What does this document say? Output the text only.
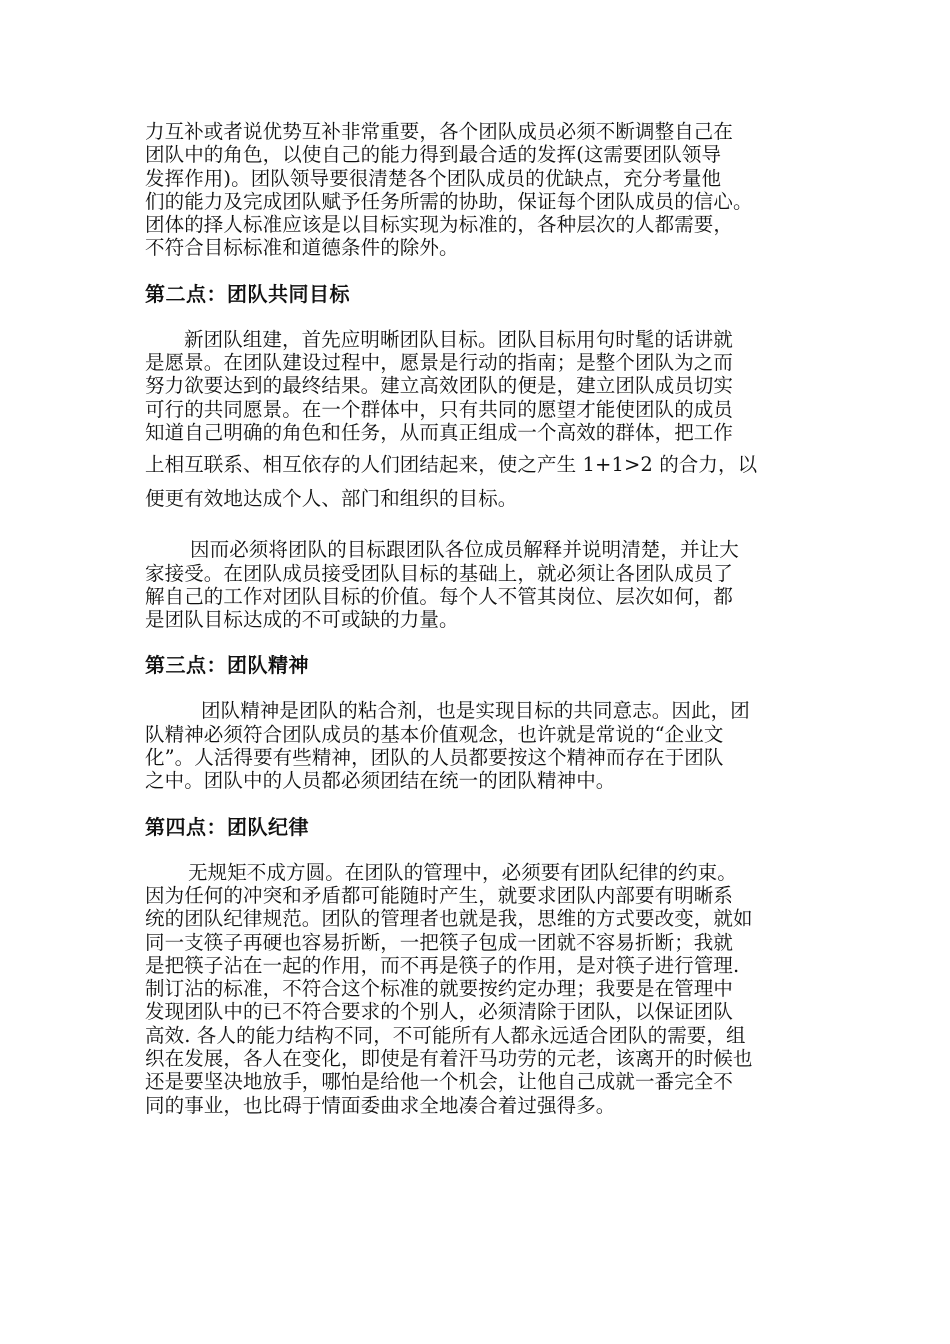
力互补或者说优势互补非常重要，各个团队成员必须不断调整自己在
团队中的角色，以使自己的能力得到最合适的发挥(这需要团队领导
发挥作用)。团队领导要很清楚各个团队成员的优缺点，充分考量他
们的能力及完成团队赋予任务所需的协助，保证每个团队成员的信心。
团体的择人标准应该是以目标实现为标准的，各种层次的人都需要，
不符合目标标准和道德条件的除外。
第二点：团队共同目标
新团队组建，首先应明晰团队目标。团队目标用句时髦的话讲就
是愿景。在团队建设过程中，愿景是行动的指南；是整个团队为之而
努力欲要达到的最终结果。建立高效团队的便是，建立团队成员切实
可行的共同愿景。在一个群体中，只有共同的愿望才能使团队的成员
知道自己明确的角色和任务，从而真正组成一个高效的群体，把工作
上相互联系、相互依存的人们团结起来，使之产生 1+1>2 的合力，以
便更有效地达成个人、部门和组织的目标。
因而必须将团队的目标跟团队各位成员解释并说明清楚，并让大
家接受。在团队成员接受团队目标的基础上，就必须让各团队成员了
解自己的工作对团队目标的价值。每个人不管其岗位、层次如何，都
是团队目标达成的不可或缺的力量。
第三点：团队精神
团队精神是团队的粘合剂，也是实现目标的共同意志。因此，团
队精神必须符合团队成员的基本价值观念，也许就是常说的“企业文
化”。人活得要有些精神，团队的人员都要按这个精神而存在于团队
之中。团队中的人员都必须团结在统一的团队精神中。
第四点：团队纪律
无规矩不成方圆。在团队的管理中，必须要有团队纪律的约束。
因为任何的冲突和矛盾都可能随时产生，就要求团队内部要有明晰系
统的团队纪律规范。团队的管理者也就是我，思维的方式要改变，就如
同一支筷子再硬也容易折断，一把筷子包成一团就不容易折断；我就
是把筷子沾在一起的作用，而不再是筷子的作用，是对筷子进行管理.
制订沾的标准，不符合这个标准的就要按约定办理；我要是在管理中
发现团队中的已不符合要求的个别人，必须清除于团队，以保证团队
高效. 各人的能力结构不同，不可能所有人都永远适合团队的需要，组
织在发展，各人在变化，即使是有着汗马功劳的元老，该离开的时候也
还是要坚决地放手，哪怕是给他一个机会，让他自己成就一番完全不
同的事业，也比碍于情面委曲求全地凑合着过强得多。
